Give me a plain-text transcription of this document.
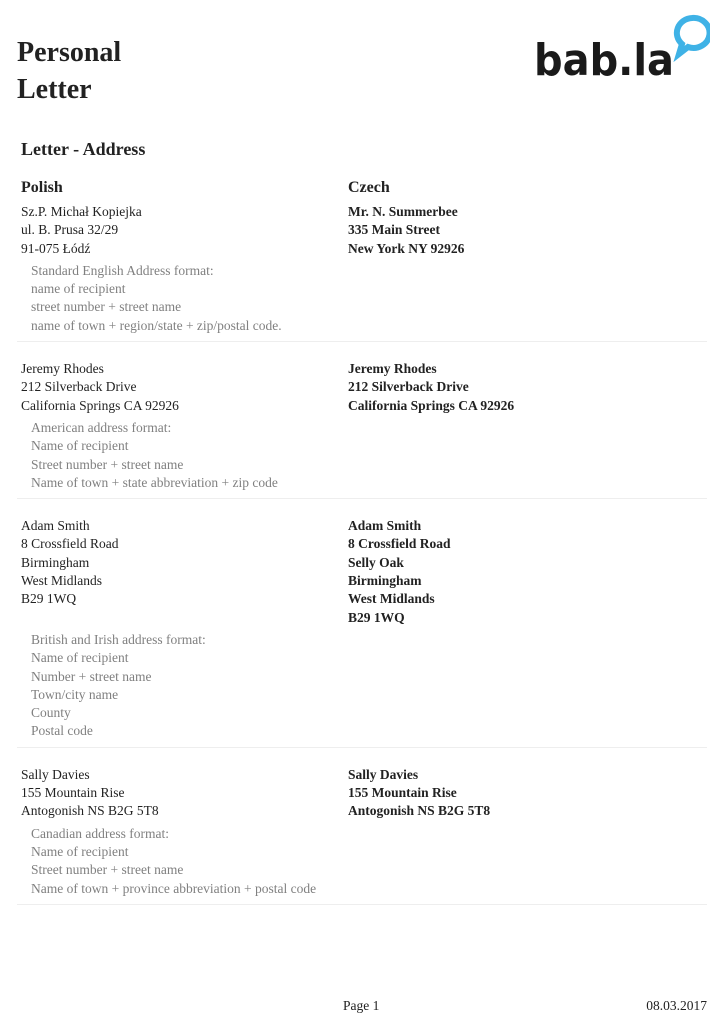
Personal
Letter
bab.la
Letter - Address
Polish	Czech
Sz.P. Michał Kopiejka
ul. B. Prusa 32/29
91-075 Łódź
Mr. N. Summerbee
335 Main Street
New York NY 92926
Standard English Address format:
name of recipient
street number + street name
name of town + region/state + zip/postal code.
Jeremy Rhodes
212 Silverback Drive
California Springs CA 92926
Jeremy Rhodes
212 Silverback Drive
California Springs CA 92926
American address format:
Name of recipient
Street number + street name
Name of town + state abbreviation + zip code
Adam Smith
8 Crossfield Road
Birmingham
West Midlands
B29 1WQ
Adam Smith
8 Crossfield Road
Selly Oak
Birmingham
West Midlands
B29 1WQ
British and Irish address format:
Name of recipient
Number + street name
Town/city name
County
Postal code
Sally Davies
155 Mountain Rise
Antogonish NS B2G 5T8
Sally Davies
155 Mountain Rise
Antogonish NS B2G 5T8
Canadian address format:
Name of recipient
Street number + street name
Name of town + province abbreviation + postal code
Page 1	08.03.2017
